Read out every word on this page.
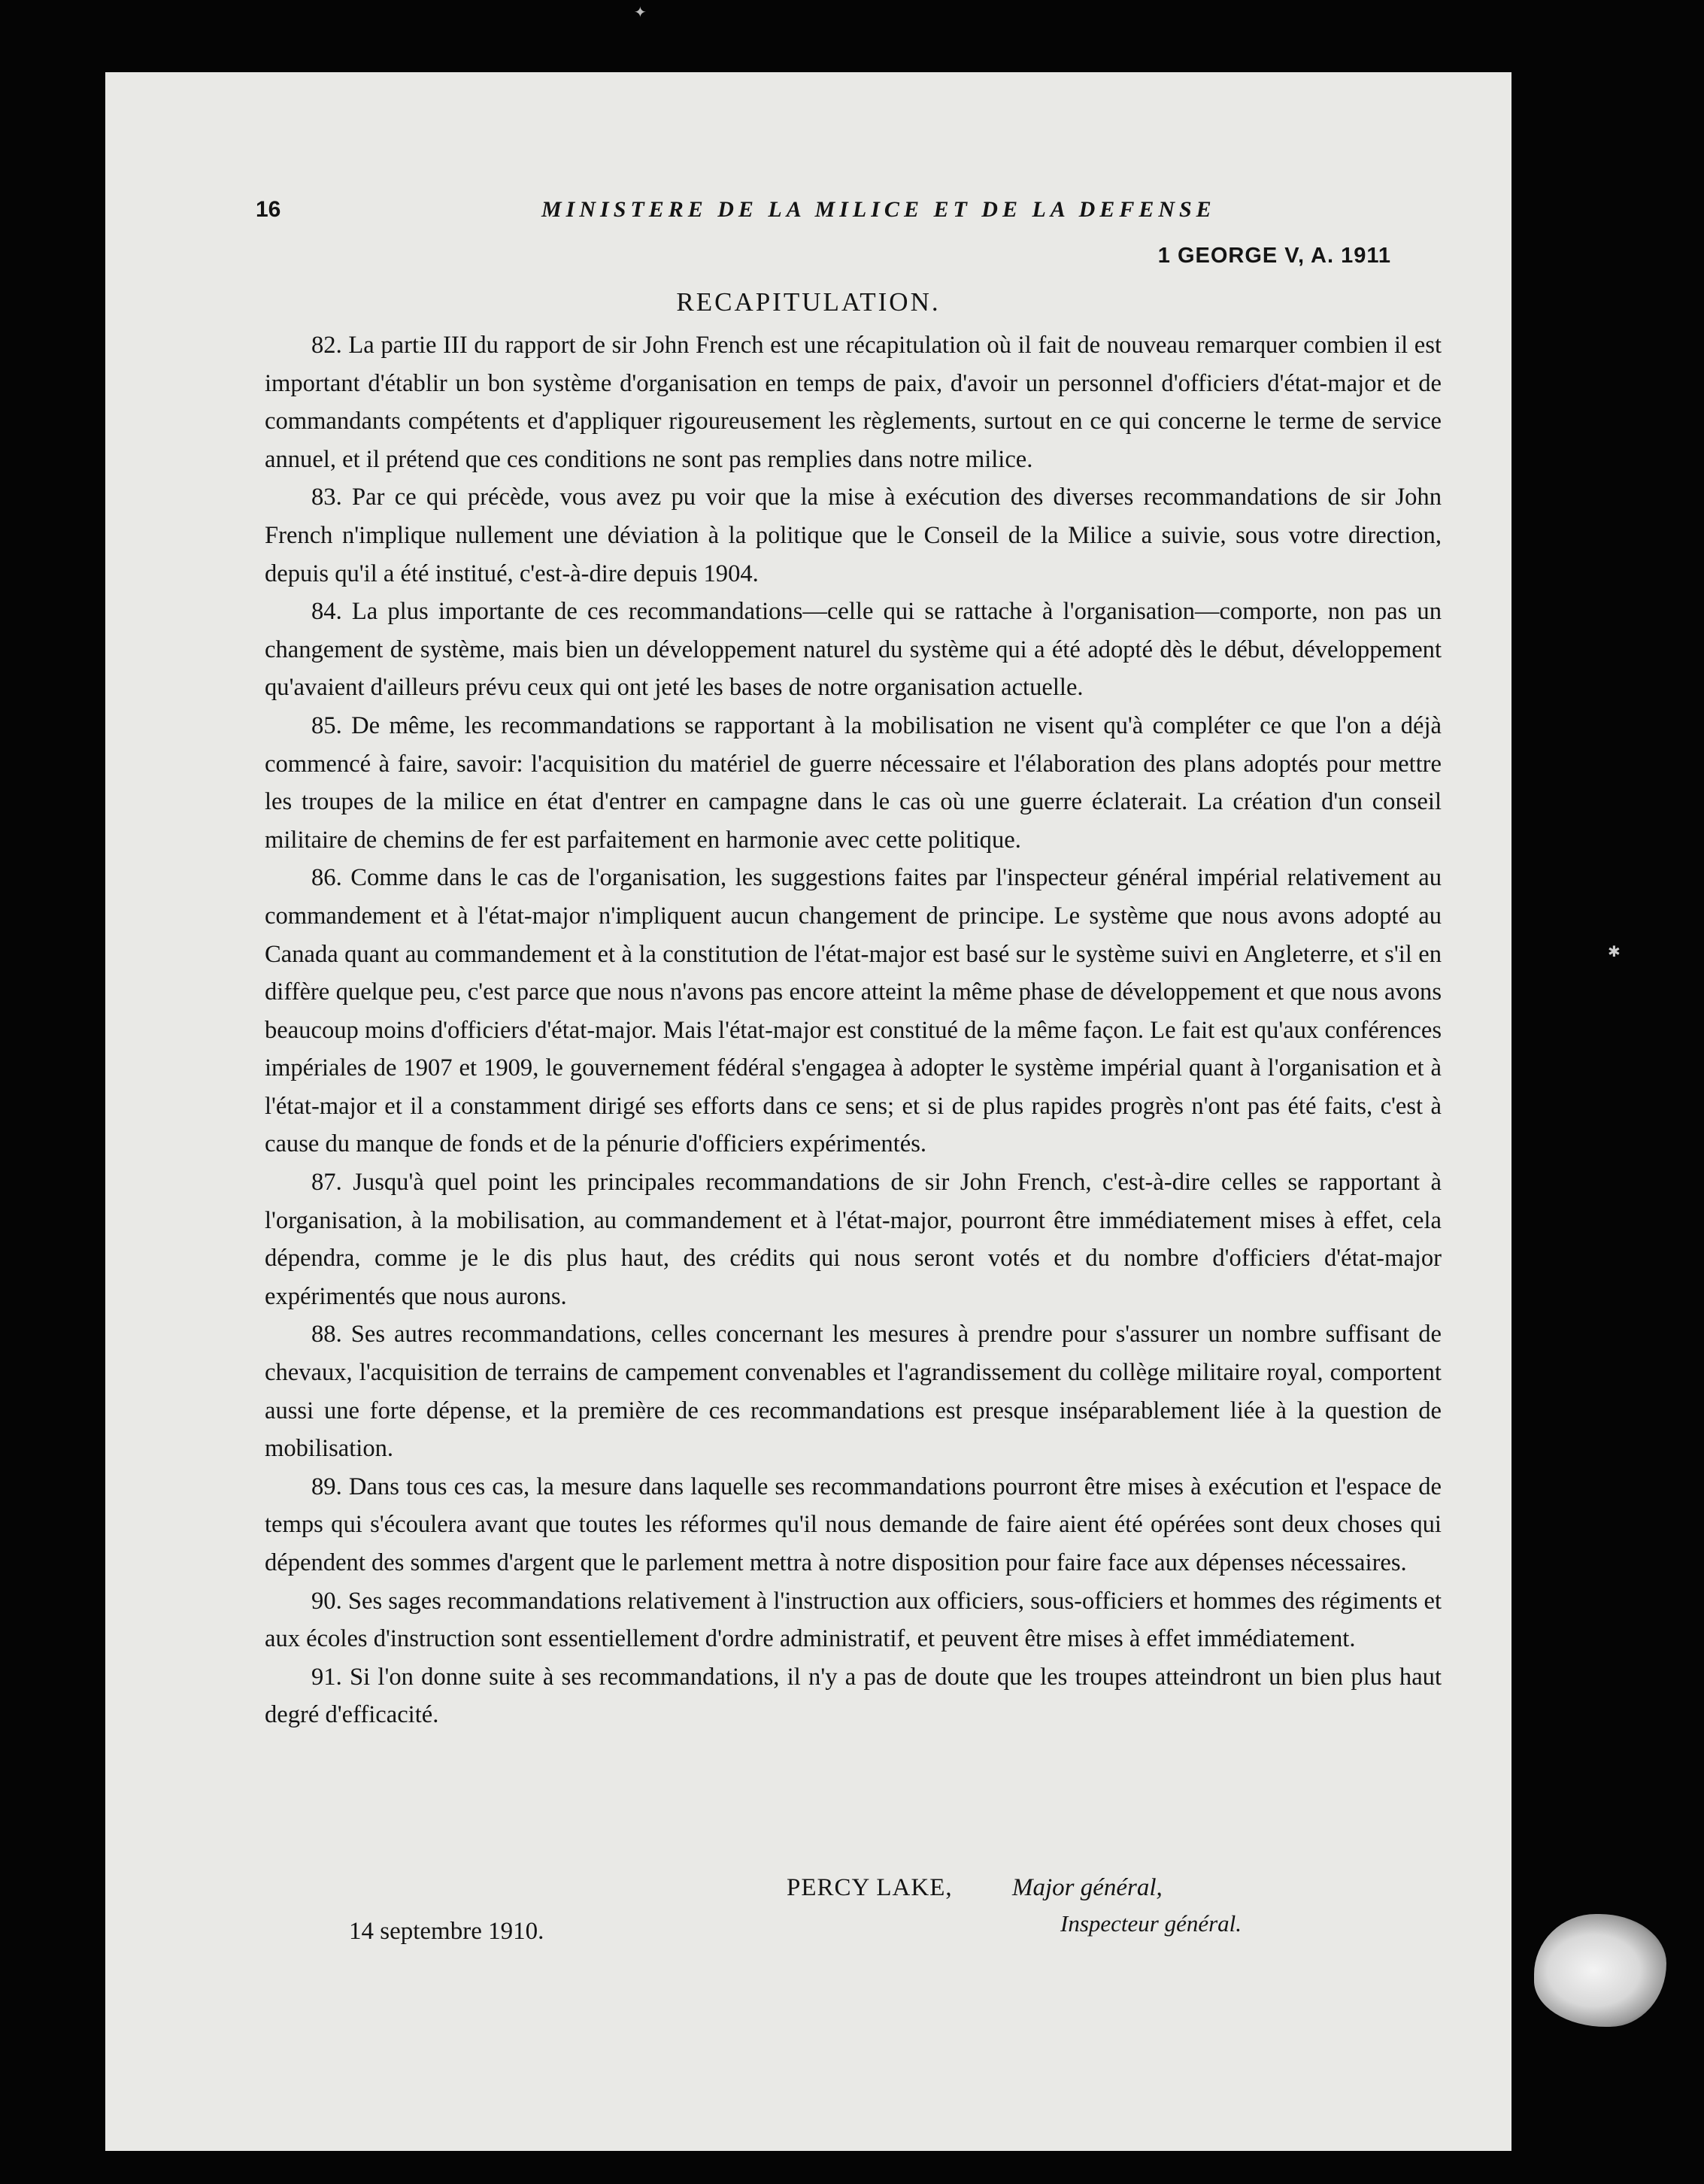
✦
16	MINISTERE DE LA MILICE ET DE LA DEFENSE
1 GEORGE V, A. 1911
RECAPITULATION.

82. La partie III du rapport de sir John French est une récapitulation où il fait de nouveau remarquer combien il est important d'établir un bon système d'organisation en temps de paix, d'avoir un personnel d'officiers d'état-major et de commandants compétents et d'appliquer rigoureusement les règlements, surtout en ce qui concerne le terme de service annuel, et il prétend que ces conditions ne sont pas remplies dans notre milice.

83. Par ce qui précède, vous avez pu voir que la mise à exécution des diverses recommandations de sir John French n'implique nullement une déviation à la politique que le Conseil de la Milice a suivie, sous votre direction, depuis qu'il a été institué, c'est-à-dire depuis 1904.

84. La plus importante de ces recommandations—celle qui se rattache à l'organisation—comporte, non pas un changement de système, mais bien un développement naturel du système qui a été adopté dès le début, développement qu'avaient d'ailleurs prévu ceux qui ont jeté les bases de notre organisation actuelle.

85. De même, les recommandations se rapportant à la mobilisation ne visent qu'à compléter ce que l'on a déjà commencé à faire, savoir: l'acquisition du matériel de guerre nécessaire et l'élaboration des plans adoptés pour mettre les troupes de la milice en état d'entrer en campagne dans le cas où une guerre éclaterait. La création d'un conseil militaire de chemins de fer est parfaitement en harmonie avec cette politique.

86. Comme dans le cas de l'organisation, les suggestions faites par l'inspecteur général impérial relativement au commandement et à l'état-major n'impliquent aucun changement de principe. Le système que nous avons adopté au Canada quant au commandement et à la constitution de l'état-major est basé sur le système suivi en Angleterre, et s'il en diffère quelque peu, c'est parce que nous n'avons pas encore atteint la même phase de développement et que nous avons beaucoup moins d'officiers d'état-major. Mais l'état-major est constitué de la même façon. Le fait est qu'aux conférences impériales de 1907 et 1909, le gouvernement fédéral s'engagea à adopter le système impérial quant à l'organisation et à l'état-major et il a constamment dirigé ses efforts dans ce sens; et si de plus rapides progrès n'ont pas été faits, c'est à cause du manque de fonds et de la pénurie d'officiers expérimentés.

87. Jusqu'à quel point les principales recommandations de sir John French, c'est-à-dire celles se rapportant à l'organisation, à la mobilisation, au commandement et à l'état-major, pourront être immédiatement mises à effet, cela dépendra, comme je le dis plus haut, des crédits qui nous seront votés et du nombre d'officiers d'état-major expérimentés que nous aurons.

88. Ses autres recommandations, celles concernant les mesures à prendre pour s'assurer un nombre suffisant de chevaux, l'acquisition de terrains de campement convenables et l'agrandissement du collège militaire royal, comportent aussi une forte dépense, et la première de ces recommandations est presque inséparablement liée à la question de mobilisation.

89. Dans tous ces cas, la mesure dans laquelle ses recommandations pourront être mises à exécution et l'espace de temps qui s'écoulera avant que toutes les réformes qu'il nous demande de faire aient été opérées sont deux choses qui dépendent des sommes d'argent que le parlement mettra à notre disposition pour faire face aux dépenses nécessaires.

90. Ses sages recommandations relativement à l'instruction aux officiers, sous-officiers et hommes des régiments et aux écoles d'instruction sont essentiellement d'ordre administratif, et peuvent être mises à effet immédiatement.

91. Si l'on donne suite à ses recommandations, il n'y a pas de doute que les troupes atteindront un bien plus haut degré d'efficacité.

PERCY LAKE, Major général,
Inspecteur général.
14 septembre 1910.
✱
